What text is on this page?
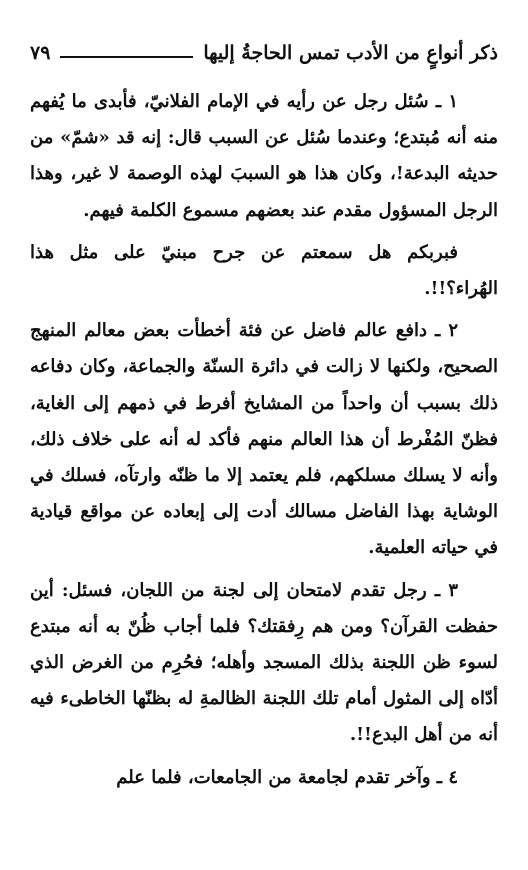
ذكر أنواعٍ من الأدب تمس الحاجةُ إليها
٧٩

١ ـ سُئل رجل عن رأيه في الإمام الفلانيّ، فأبدى ما يُفهم منه أنه مُبتدع؛ وعندما سُئل عن السبب قال: إنه قد «شمّ» من حديثه البدعة!، وكان هذا هو السببَ لهذه الوصمة لا غير، وهذا الرجل المسؤول مقدم عند بعضهم مسموع الكلمة فيهم.

فبربكم هل سمعتم عن جرح مبنيّ على مثل هذا الهُراء؟!!.

٢ ـ دافع عالم فاضل عن فئة أخطأت بعض معالم المنهج الصحيح، ولكنها لا زالت في دائرة السنّة والجماعة، وكان دفاعه ذلك بسبب أن واحداً من المشايخ أفرط في ذمهم إلى الغاية، فظنّ المُفْرط أن هذا العالم منهم فأكد له أنه على خلاف ذلك، وأنه لا يسلك مسلكهم، فلم يعتمد إلا ما ظنّه وارتآه، فسلك في الوشاية بهذا الفاضل مسالك أدت إلى إبعاده عن مواقع قيادية في حياته العلمية.

٣ ـ رجل تقدم لامتحان إلى لجنة من اللجان، فسئل: أين حفظت القرآن؟ ومن هم رِفقتك؟ فلما أجاب ظُنّ به أنه مبتدع لسوء ظن اللجنة بذلك المسجد وأهله؛ فحُرِم من الغرض الذي أدّاه إلى المثول أمام تلك اللجنة الظالمةِ له بظنّها الخاطىء فيه أنه من أهل البدع!!.

٤ ـ وآخر تقدم لجامعة من الجامعات، فلما علم
